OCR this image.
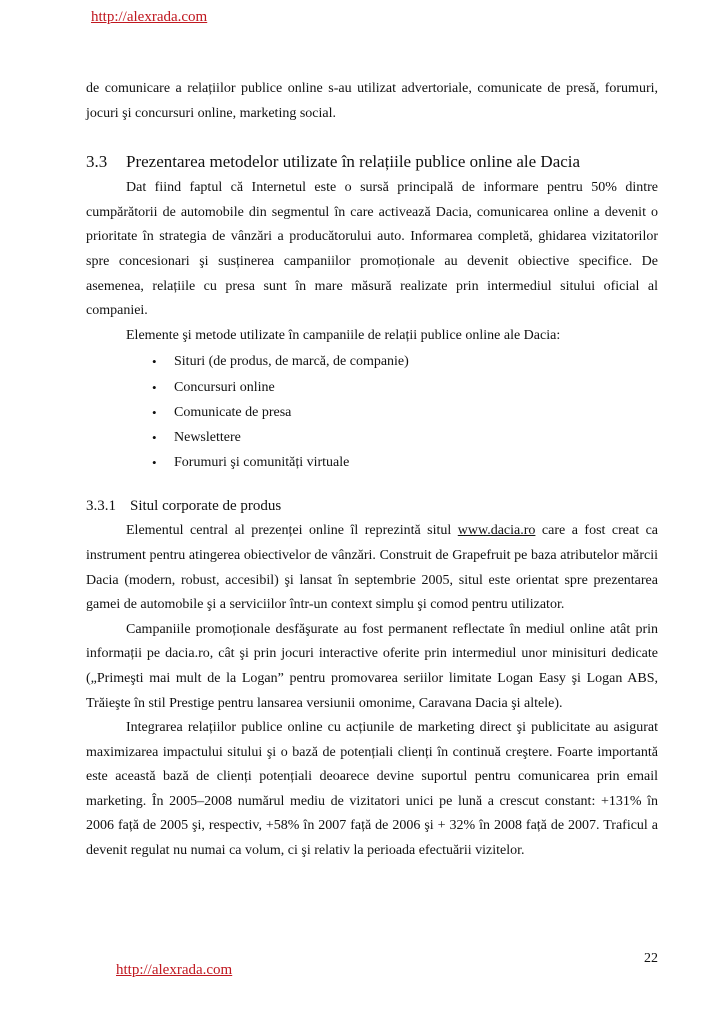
http://alexrada.com

de comunicare a relațiilor publice online s-au utilizat advertoriale, comunicate de presă, forumuri, jocuri şi concursuri online, marketing social.

3.3 Prezentarea metodelor utilizate în relațiile publice online ale Dacia

Dat fiind faptul că Internetul este o sursă principală de informare pentru 50% dintre cumpărătorii de automobile din segmentul în care activează Dacia, comunicarea online a devenit o prioritate în strategia de vânzări a producătorului auto. Informarea completă, ghidarea vizitatorilor spre concesionari şi susținerea campaniilor promoționale au devenit obiective specifice. De asemenea, relațiile cu presa sunt în mare măsură realizate prin intermediul sitului oficial al companiei.

Elemente şi metode utilizate în campaniile de relații publice online ale Dacia:

• Situri (de produs, de marcă, de companie)
• Concursuri online
• Comunicate de presa
• Newslettere
• Forumuri şi comunități virtuale
3.3.1 Situl corporate de produs

Elementul central al prezenței online îl reprezintă situl www.dacia.ro care a fost creat ca instrument pentru atingerea obiectivelor de vânzări. Construit de Grapefruit pe baza atributelor mărcii Dacia (modern, robust, accesibil) şi lansat în septembrie 2005, situl este orientat spre prezentarea gamei de automobile şi a serviciilor într-un context simplu şi comod pentru utilizator.

Campaniile promoționale desfăşurate au fost permanent reflectate în mediul online atât prin informații pe dacia.ro, cât şi prin jocuri interactive oferite prin intermediul unor minisituri dedicate („Primeşti mai mult de la Logan” pentru promovarea seriilor limitate Logan Easy şi Logan ABS, Trăieşte în stil Prestige pentru lansarea versiunii omonime, Caravana Dacia şi altele).

Integrarea relațiilor publice online cu acțiunile de marketing direct şi publicitate au asigurat maximizarea impactului sitului şi o bază de potențiali clienți în continuă creştere. Foarte importantă este această bază de clienți potențiali deoarece devine suportul pentru comunicarea prin email marketing. În 2005–2008 numărul mediu de vizitatori unici pe lună a crescut constant: +131% în 2006 față de 2005 şi, respectiv, +58% în 2007 față de 2006 şi + 32% în 2008 față de 2007. Traficul a devenit regulat nu numai ca volum, ci şi relativ la perioada efectuării vizitelor.

22
http://alexrada.com
